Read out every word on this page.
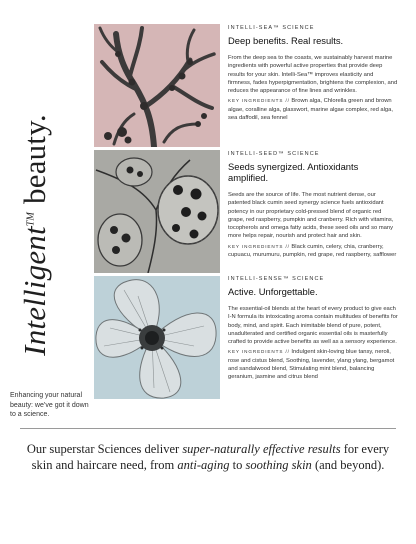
Intelligent™ beauty.
Enhancing your natural beauty: we’ve got it down to a science.
INTELLI-SEA™ SCIENCE
Deep benefits. Real results.
From the deep sea to the coasts, we sustainably harvest marine ingredients with powerful active properties that provide deep results for your skin. Intelli-Sea™ improves elasticity and firmness, fades hyperpigmentation, brightens the complexion, and reduces the appearance of fine lines and wrinkles.
KEY INGREDIENTS // Brown alga, Chlorella green and brown algae, coralline alga, glasswort, marine algae complex, red alga, sea daffodil, sea fennel
INTELLI-SEED™ SCIENCE
Seeds synergized. Antioxidants amplified.
Seeds are the source of life. The most nutrient dense, our patented black cumin seed synergy science fuels antioxidant potency in our proprietary cold-pressed blend of organic red grape, red raspberry, pumpkin and cranberry. Rich with vitamins, tocopherols and omega fatty acids, these seed oils and so many more helps repair, nourish and protect hair and skin.
KEY INGREDIENTS // Black cumin, celery, chia, cranberry, cupuacu, murumuru, pumpkin, red grape, red raspberry, safflower
INTELLI-SENSE™ SCIENCE
Active. Unforgettable.
The essential-oil blends at the heart of every product to give each I-N formula its intoxicating aroma contain multitudes of benefits for body, mind, and spirit. Each inimitable blend of pure, potent, unadulterated and certified organic essential oils is masterfully crafted to provide active benefits as well as a sensory experience.
KEY INGREDIENTS // Indulgent skin-loving blue tansy, neroli, rose and cistus blend, Soothing, lavender, ylang ylang, bergamot and sandalwood blend, Stimulating mint blend, balancing geranium, jasmine and citrus blend
Our superstar Sciences deliver super-naturally effective results for every skin and haircare need, from anti-aging to soothing skin (and beyond).
